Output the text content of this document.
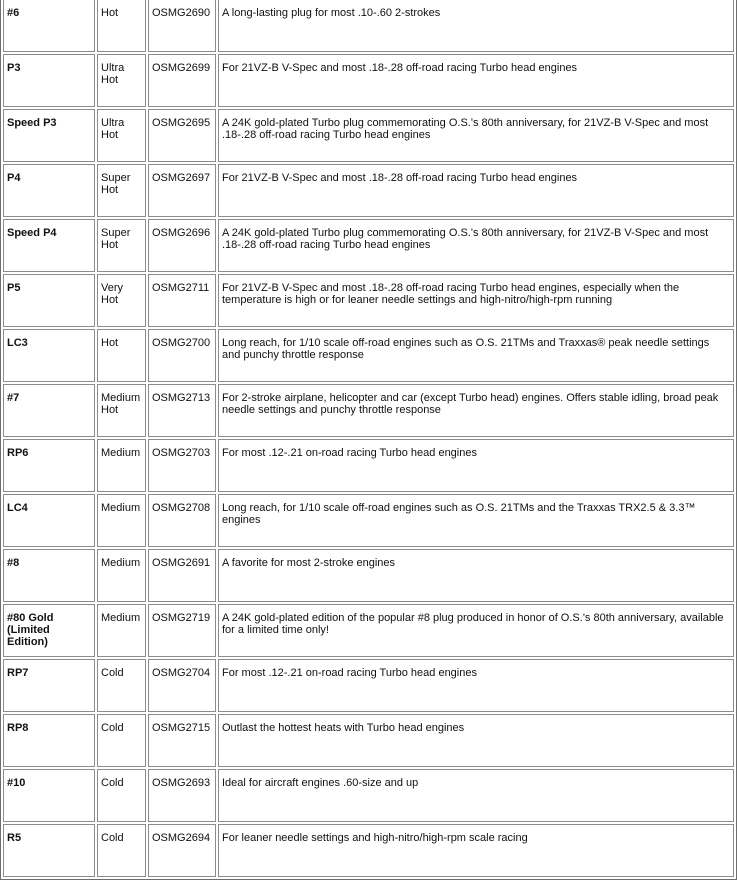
#6	Hot	OSMG2690	A long-lasting plug for most .10-.60 2-strokes
P3	Ultra Hot	OSMG2699	For 21VZ-B V-Spec and most .18-.28 off-road racing Turbo head engines
Speed P3	Ultra Hot	OSMG2695	A 24K gold-plated Turbo plug commemorating O.S.'s 80th anniversary, for 21VZ-B V-Spec and most .18-.28 off-road racing Turbo head engines
P4	Super Hot	OSMG2697	For 21VZ-B V-Spec and most .18-.28 off-road racing Turbo head engines
Speed P4	Super Hot	OSMG2696	A 24K gold-plated Turbo plug commemorating O.S.'s 80th anniversary, for 21VZ-B V-Spec and most .18-.28 off-road racing Turbo head engines
P5	Very Hot	OSMG2711	For 21VZ-B V-Spec and most .18-.28 off-road racing Turbo head engines, especially when the temperature is high or for leaner needle settings and high-nitro/high-rpm running
LC3	Hot	OSMG2700	Long reach, for 1/10 scale off-road engines such as O.S. 21TMs and Traxxas® peak needle settings and punchy throttle response
#7	Medium Hot	OSMG2713	For 2-stroke airplane, helicopter and car (except Turbo head) engines. Offers stable idling, broad peak needle settings and punchy throttle response
RP6	Medium	OSMG2703	For most .12-.21 on-road racing Turbo head engines
LC4	Medium	OSMG2708	Long reach, for 1/10 scale off-road engines such as O.S. 21TMs and the Traxxas TRX2.5 & 3.3™ engines
#8	Medium	OSMG2691	A favorite for most 2-stroke engines
#80 Gold (Limited Edition)	Medium	OSMG2719	A 24K gold-plated edition of the popular #8 plug produced in honor of O.S.'s 80th anniversary, available for a limited time only!
RP7	Cold	OSMG2704	For most .12-.21 on-road racing Turbo head engines
RP8	Cold	OSMG2715	Outlast the hottest heats with Turbo head engines
#10	Cold	OSMG2693	Ideal for aircraft engines .60-size and up
R5	Cold	OSMG2694	For leaner needle settings and high-nitro/high-rpm scale racing
